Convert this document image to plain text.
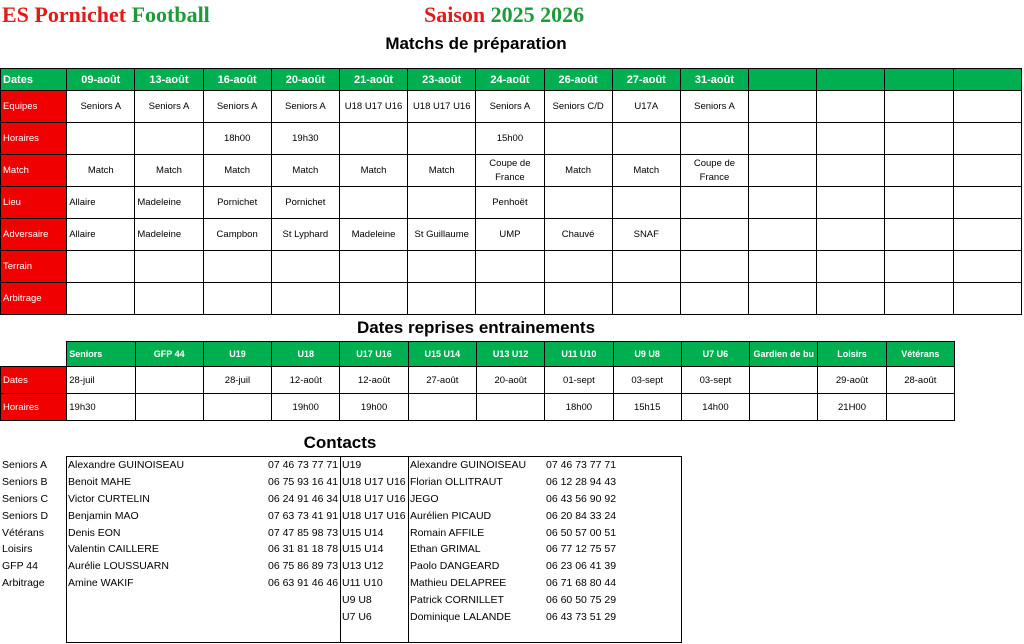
ES Pornichet Football	Saison 2025 2026
Matchs de préparation
Dates	09-août	13-août	16-août	20-août	21-août	23-août	24-août	26-août	27-août	31-août				
Equipes	Seniors A	Seniors A	Seniors A	Seniors A	U18 U17 U16	U18 U17 U16	Seniors A	Seniors C/D	U17A	Seniors A				
Horaires			18h00	19h30			15h00							
Match	Match	Match	Match	Match	Match	Match	Coupe de France	Match	Match	Coupe de France				
Lieu	Allaire	Madeleine	Pornichet	Pornichet			Penhoët							
Adversaire	Allaire	Madeleine	Campbon	St Lyphard	Madeleine	St Guillaume	UMP	Chauvé	SNAF					
Terrain														
Arbitrage														
Dates reprises entrainements
	Seniors	GFP 44	U19	U18	U17 U16	U15 U14	U13 U12	U11 U10	U9 U8	U7 U6	Gardien de bu	Loisirs	Vétérans
Dates	28-juil		28-juil	12-août	12-août	27-août	20-août	01-sept	03-sept	03-sept		29-août	28-août
Horaires	19h30			19h00	19h00			18h00	15h15	14h00		21H00	
Contacts
Seniors A	Alexandre GUINOISEAU	07 46 73 77 71	U19	Alexandre GUINOISEAU	07 46 73 77 71
Seniors B	Benoit MAHE	06 75 93 16 41	U18 U17 U16	Florian OLLITRAUT	06 12 28 94 43
Seniors C	Victor CURTELIN	06 24 91 46 34	U18 U17 U16	JEGO	06 43 56 90 92
Seniors D	Benjamin MAO	07 63 73 41 91	U18 U17 U16	Aurélien PICAUD	06 20 84 33 24
Vétérans	Denis EON	07 47 85 98 73	U15 U14	Romain AFFILE	06 50 57 00 51
Loisirs	Valentin CAILLERE	06 31 81 18 78	U15 U14	Ethan GRIMAL	06 77 12 75 57
GFP 44	Aurélie LOUSSUARN	06 75 86 89 73	U13 U12	Paolo DANGEARD	06 23 06 41 39
Arbitrage	Amine WAKIF	06 63 91 46 46	U11 U10	Mathieu DELAPREE	06 71 68 80 44
			U9 U8	Patrick CORNILLET	06 60 50 75 29
			U7 U6	Dominique LALANDE	06 43 73 51 29
